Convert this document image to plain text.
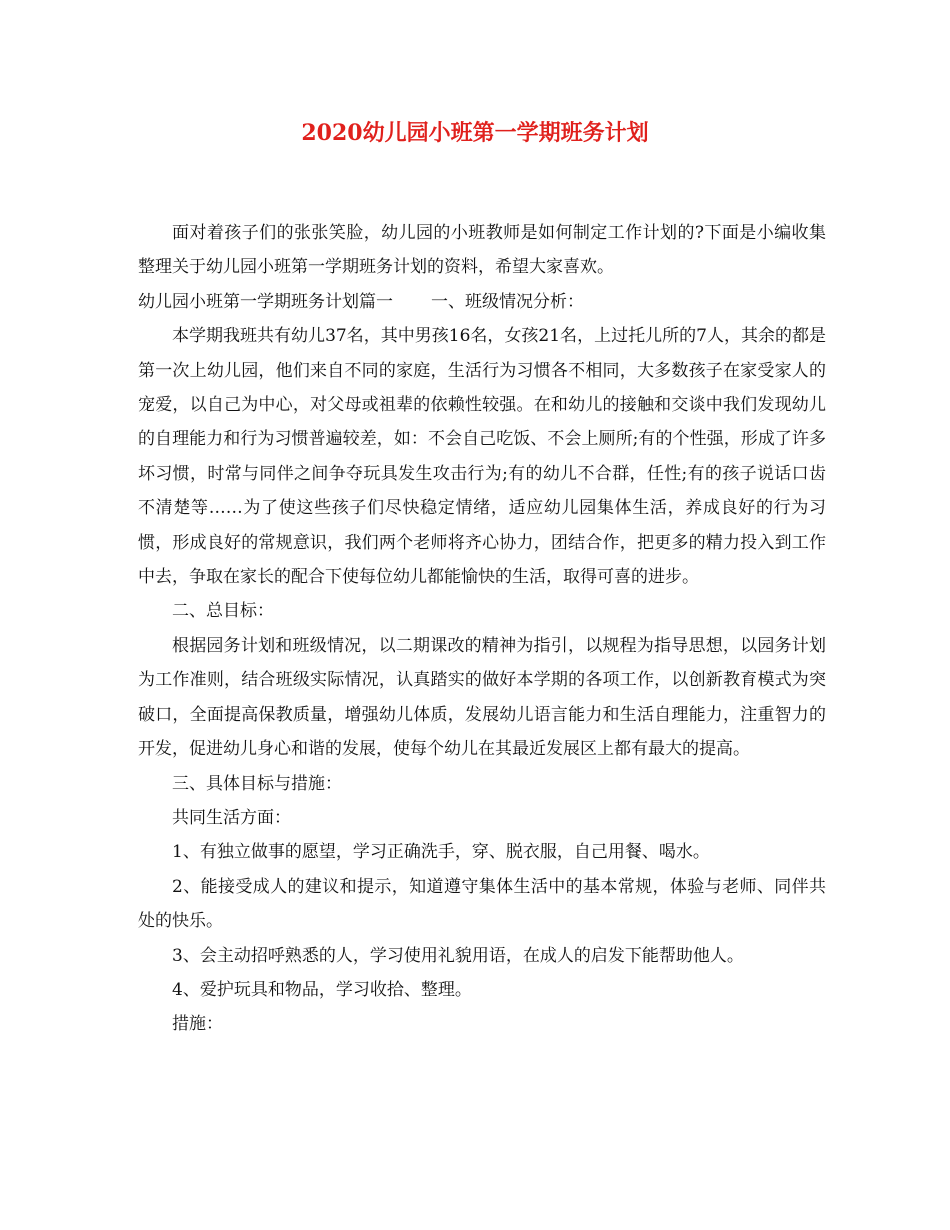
2020幼儿园小班第一学期班务计划

面对着孩子们的张张笑脸，幼儿园的小班教师是如何制定工作计划的?下面是小编收集整理关于幼儿园小班第一学期班务计划的资料，希望大家喜欢。

幼儿园小班第一学期班务计划篇一 一、班级情况分析：

本学期我班共有幼儿37名，其中男孩16名，女孩21名，上过托儿所的7人，其余的都是第一次上幼儿园，他们来自不同的家庭，生活行为习惯各不相同，大多数孩子在家受家人的宠爱，以自己为中心，对父母或祖辈的依赖性较强。在和幼儿的接触和交谈中我们发现幼儿的自理能力和行为习惯普遍较差，如：不会自己吃饭、不会上厕所;有的个性强，形成了许多坏习惯，时常与同伴之间争夺玩具发生攻击行为;有的幼儿不合群，任性;有的孩子说话口齿不清楚等……为了使这些孩子们尽快稳定情绪，适应幼儿园集体生活，养成良好的行为习惯，形成良好的常规意识，我们两个老师将齐心协力，团结合作，把更多的精力投入到工作中去，争取在家长的配合下使每位幼儿都能愉快的生活，取得可喜的进步。

二、总目标：

根据园务计划和班级情况，以二期课改的精神为指引，以规程为指导思想，以园务计划为工作准则，结合班级实际情况，认真踏实的做好本学期的各项工作，以创新教育模式为突破口，全面提高保教质量，增强幼儿体质，发展幼儿语言能力和生活自理能力，注重智力的开发，促进幼儿身心和谐的发展，使每个幼儿在其最近发展区上都有最大的提高。

三、具体目标与措施：

共同生活方面：

1、有独立做事的愿望，学习正确洗手，穿、脱衣服，自己用餐、喝水。

2、能接受成人的建议和提示，知道遵守集体生活中的基本常规，体验与老师、同伴共处的快乐。

3、会主动招呼熟悉的人，学习使用礼貌用语，在成人的启发下能帮助他人。

4、爱护玩具和物品，学习收拾、整理。

措施：
